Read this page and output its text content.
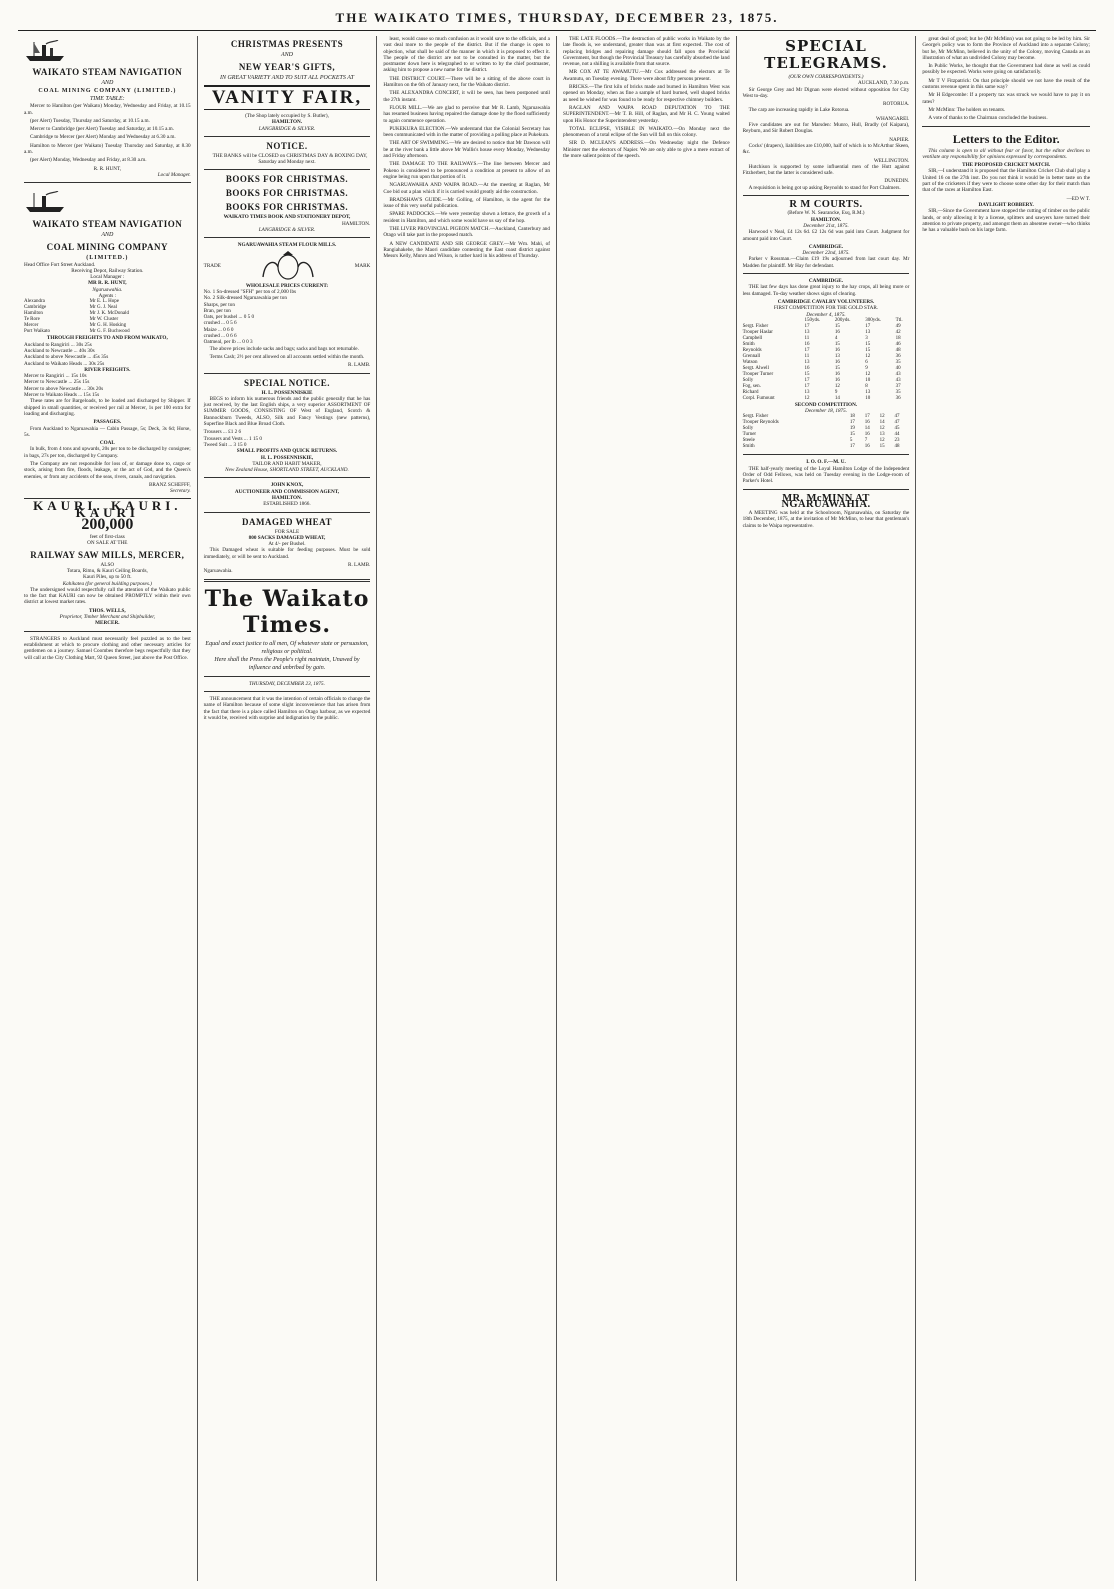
THE WAIKATO TIMES, THURSDAY, DECEMBER 23, 1875.
WAIKATO STEAM NAVIGATION
AND
COAL MINING COMPANY (LIMITED.)
TIME TABLE:

Mercer to Hamilton (per Waikato) Monday, Wednesday and Friday, at 10.15 a.m.

(per Alert) Tuesday, Thursday and Saturday, at 10.15 a.m.

Mercer to Cambridge (per Alert) Tuesday and Saturday, at 10.15 a.m.

Cambridge to Mercer (per Alert) Monday and Wednesday at 6.30 a.m.

Hamilton to Mercer (per Waikato) Tuesday Thursday and Saturday, at 8.30 a.m.

(per Alert) Monday, Wednesday and Friday, at 8.30 a.m.

R. R. HUNT,
Local Manager.
WAIKATO STEAM NAVIGATION
AND
COAL MINING COMPANY
(LIMITED.)
Head Office Fort Street Auckland.
Receiving Depot, Railway Station.
Local Manager :
MR R. R. HUNT,
Ngaruawahia.
Agents :
Alexandra	Mr E. L. Hope
Cambridge	Mr G. J. Neal
Hamilton	Mr J. K. McDonald
Te Rore	Mr W. Cluster
Mercer	Mr G. H. Hosking
Port Waikato	Mr G. F. Buchwood
THROUGH FREIGHTS TO AND FROM WAIKATO,
Auckland to Rangiriri ... 30s 25s
Auckland to Newcastle ... 40s 30s
Auckland to above Newcastle ... 45s 35s
Auckland to Waikato Heads ... 30s 25s
RIVER FREIGHTS.
Mercer to Rangiriri ... 15s 10s
Mercer to Newcastle ... 25s 15s
Mercer to above Newcastle ... 30s 20s
Mercer to Waikato Heads ... 15s 15s

These rates are for Bargeloads, to be loaded and discharged by Shipper. If shipped in small quantities, or received per rail at Mercer, 1s per 100 extra for loading and discharging.

PASSAGES.

From Auckland to Ngaruawahia — Cabin Passage, 5s; Deck, 3s 6d; Horse, 5s.

COAL

In bulk, from 4 tons and upwards, 20s per ton to be discharged by consignee; in bags, 27s per ton, discharged by Company.

The Company are not responsible for loss of, or damage done to, cargo or stock, arising from fire, floods, leakage, or the act of God, and the Queen's enemies, or from any accidents of the seas, rivers, canals, and navigation.

BRANZ SCHEFFF,
Secretary.
KAURI. KAURI. KAURI
200,000
feet of first-class
ON SALE AT THE
RAILWAY SAW MILLS, MERCER,
ALSO
Totara, Rimu, & Kauri Ceiling Boards,
Kauri Piles, up to 50 ft.
Kahikatea (for general building purposes.)

The undersigned would respectfully call the attention of the Waikato public to the fact that KAURI can now be obtained PROMPTLY within their own district at lowest market rates.

THOS. WELLS,
Proprietor, Timber Merchant and Shipbuilder,
MERCER.

STRANGERS to Auckland must necessarily feel puzzled as to the best establishment at which to procure clothing and other necessary articles for gentlemen on a journey. Samuel Coombes therefore begs respectfully that they will call at the City Clothing Mart, 92 Queen Street, just above the Post Office.

CHRISTMAS PRESENTS
AND
NEW YEAR'S GIFTS,
IN GREAT VARIETY AND TO SUIT ALL POCKETS AT
VANITY FAIR,
(The Shop lately occupied by S. Butler),
HAMILTON.
LANGBRIDGE & SILVER.
NOTICE.

THE BANKS will be CLOSED on CHRISTMAS DAY & BOXING DAY, Saturday and Monday next.

BOOKS FOR CHRISTMAS.
BOOKS FOR CHRISTMAS.
BOOKS FOR CHRISTMAS.
WAIKATO TIMES BOOK AND STATIONERY DEPOT,
HAMILTON.
LANGBRIDGE & SILVER.
NGARUAWAHIA STEAM FLOUR MILLS.
TRADE	MARK
WHOLESALE PRICES CURRENT:
No. 1 Sn-dressed "SFH" per ton of 2,000 lbs
No. 2 Silk-dressed Ngaruawahia per ton
Sharps, per ton
Bran, per ton
Oats, per bushel ... 0 5 0
crushed ... 0 5 6
Maize ... 0 6 0
crushed ... 0 6 6
Oatmeal, per lb ... 0 0 3

The above prices include sacks and bags; sacks and bags not returnable.

Terms Cash; 2½ per cent allowed on all accounts settled within the month.

R. LAMB.
SPECIAL NOTICE.
H. L. POSSENNISKIE

BEGS to inform his numerous friends and the public generally that he has just received, by the last English ships, a very superior ASSORTMENT OF SUMMER GOODS, CONSISTING OF West of England, Scotch & Bannockburn Tweeds, ALSO, Silk and Fancy Vestings (new patterns), Superfine Black and Blue Broad Cloth.

Trousers ... £1 2 6
Trousers and Vests ... 1 15 0
Tweed Suit ... 3 15 0
SMALL PROFITS AND QUICK RETURNS.
H. L. POSSENNISKIE,
TAILOR AND HABIT MAKER,
New Zealand House, SHORTLAND STREET, AUCKLAND.
JOHN KNOX,
AUCTIONEER AND COMMISSION AGENT,
HAMILTON.
ESTABLISHED 1866.
DAMAGED WHEAT
FOR SALE
800 SACKS DAMAGED WHEAT,
At 4/- per Bushel.

This Damaged wheat is suitable for feeding purposes. Must be sold immediately, or will be sent to Auckland.

R. LAMB.
Ngaruawahia.
The Waikato Times.
Equal and exact justice to all men, Of whatever state or persuasion, religious or political.
Here shall the Press the People's right maintain, Unawed by influence and unbribed by gain.
THURSDAY, DECEMBER 23, 1875.

THE announcement that it was the intention of certain officials to change the name of Hamilton because of some slight inconvenience that has arisen from the fact that there is a place called Hamilton on Otago harbour, as we expected it would be, received with surprise and indignation by the public.

least, would cause so much confusion as it would save to the officials, and a vast deal more to the people of the district. But if the change is open to objection, what shall be said of the manner in which it is proposed to effect it. The people of the district are not to be consulted in the matter, but the postmaster down here is telegraphed to or written to by the chief postmaster, asking him to propose a new name for the district.

THE DISTRICT COURT.—There will be a sitting of the above court in Hamilton on the 6th of January next, for the Waikato district.

THE ALEXANDRA CONCERT, it will be seen, has been postponed until the 27th instant.

FLOUR MILL.—We are glad to perceive that Mr R. Lamb, Ngaruawahia has resumed business having repaired the damage done by the flood sufficiently to again commence operation.

PUKEKURA ELECTION.—We understand that the Colonial Secretary has been communicated with in the matter of providing a polling place at Pukekura.

THE ART OF SWIMMING.—We are desired to notice that Mr Dawson will be at the river bank a little above Mr Wallis's house every Monday, Wednesday and Friday afternoon.

THE DAMAGE TO THE RAILWAYS.—The line between Mercer and Pokeno is considered to be pronounced a condition at present to allow of an engine being run upon that portion of it.

NGARUAWAHIA AND WAIPA ROAD.—At the meeting at Raglan, Mr Coe bid out a plan which if it is carried would greatly aid the construction.

BRADSHAW'S GUIDE.—Mr Golling, of Hamilton, is the agent for the issue of this very useful publication.

SPARE PADDOCKS.—We were yesterday shown a lettuce, the growth of a resident in Hamilton, and which some would have us say of the hop.

THE LIVER PROVINCIAL PIGEON MATCH.—Auckland, Canterbury and Otago will take part in the proposed match.

A NEW CANDIDATE AND SIR GEORGE GREY.—Mr Wm. Mahi, of Rangiahakehe, the Maori candidate contesting the East coast district against Messrs Kelly, Munro and Wilson, is rather hard in his address of Thursday.

THE LATE FLOODS.—The destruction of public works in Waikato by the late floods is, we understand, greater than was at first expected. The cost of replacing bridges and repairing damage should fall upon the Provincial Government, but though the Provincial Treasury has carefully absorbed the land revenue, not a shilling is available from that source.

MR COX AT TE AWAMUTU.—Mr Cox addressed the electors at Te Awamutu, on Tuesday evening. There were about fifty persons present.

BRICKS.—The first kiln of bricks made and burned in Hamilton West was opened on Monday, when as fine a sample of hard burned, well shaped bricks as need be wished for was found to be ready for respective chimney builders.

RAGLAN AND WAIPA ROAD DEPUTATION TO THE SUPERINTENDENT.—Mr T. B. Hill, of Raglan, and Mr H. C. Young waited upon His Honor the Superintendent yesterday.

TOTAL ECLIPSE, VISIBLE IN WAIKATO.—On Monday next the phenomenon of a total eclipse of the Sun will fall on this colony.

SIR D. MCLEAN'S ADDRESS.—On Wednesday night the Defence Minister met the electors of Napier. We are only able to give a mere extract of the more salient points of the speech.

SPECIAL TELEGRAMS.
(OUR OWN CORRESPONDENTS.)
AUCKLAND, 7.30 p.m.

Sir George Grey and Mr Dignan were elected without opposition for City West to-day.

ROTORUA.

The carp are increasing rapidly in Lake Rotorua.

WHANGAREI.

Five candidates are out for Marsden: Munro, Hull, Bradly (of Kaipara), Reyburn, and Sir Robert Douglas.

NAPIER.

Cocks' (drapers), liabilities are £10,000, half of which is to McArthur Skeen, &c.

WELLINGTON.

Hutchison is supported by some influential men of the Hutt against Fitzherbert, but the latter is considered safe.

DUNEDIN.

A requisition is being got up asking Reynolds to stand for Port Chalmers.

R M COURTS.
(Before W. N. Searancke, Esq, R.M.)
HAMILTON.
December 21st, 1875.

Harwood v Neal, £4 12s 6d. £2 12s 6d was paid into Court. Judgment for amount paid into Court.

CAMBRIDGE.
December 22nd, 1875.

Parker v Rossman.—Claim £19 19s adjourned from last court day. Mr Madden for plaintiff. Mr Hay for defendant.

CAMBRIDGE.

THE last few days has done great injury to the hay crops, all being more or less damaged. To-day weather shows signs of clearing.

CAMBRIDGE CAVALRY VOLUNTEERS.
FIRST COMPETITION FOR THE GOLD STAR.
December 4, 1875.
	150yds.	200yds.	300yds.	Ttl.
Sergt. Fisher	17	15	17	49
Trooper Haslar	13	16	13	42
Campbell	11	4	3	18
Smith	16	15	15	46
Reynolds	17	16	15	48
Grennall	11	13	12	36
Watson	13	16	6	35
Sergt. Alwell	16	15	9	40
Trooper Turner	15	16	12	43
Solly	17	16	10	43
Fog, sen.	17	12	8	37
Richard	13	9	13	35
Corpl. Fumount	12	14	10	36
SECOND COMPETITION.
December 18, 1875.
Sergt. Fisher	18	17	12	47
Trooper Reynolds	17	16	14	47
Solly	19	14	12	45
Turner	15	16	13	44
Steele	5	7	12	23
Smith	17	16	15	48
I. O. O. F.—M. U.

THE half-yearly meeting of the Loyal Hamilton Lodge of the Independent Order of Odd Fellows, was held on Tuesday evening in the Lodge-room of Parker's Hotel.

MR. McMINN AT NGARUAWAHIA.

A MEETING was held at the Schoolroom, Ngaruawahia, on Saturday the 18th December, 1875, at the invitation of Mr McMinn, to hear that gentleman's claims to be Waipa representative.

great deal of good; but he (Mr McMinn) was not going to be led by him. Sir George's policy was to form the Province of Auckland into a separate Colony; but he, Mr McMinn, believed in the unity of the Colony, moving Canada as an illustration of what an undivided Colony may become.

In Public Works, he thought that the Government had done as well as could possibly be expected. Works were going on satisfactorily.

Mr T V Fitzpatrick: On that principle should we not have the result of the customs revenue spent in this same way?

Mr H Edgecombe: If a property tax was struck we would have to pay it on rates?

Mr McMinn: The holders on tenants.

A vote of thanks to the Chairman concluded the business.

Letters to the Editor.

This column is open to all without fear or favor, but the editor declines to ventilate any responsibility for opinions expressed by correspondents.

THE PROPOSED CRICKET MATCH.

SIR,—I understand it is proposed that the Hamilton Cricket Club shall play a United 16 on the 27th inst. Do you not think it would be in better taste on the part of the cricketers if they were to choose some other day for their match than that of the races at Hamilton East.

—ED W T.
DAYLIGHT ROBBERY.

SIR,—Since the Government have stopped the cutting of timber on the public lands, or only allowing it by a license, splitters and sawyers have turned their attention to private property, and amongst them an absentee owner—who thinks he has a valuable bush on his large farm.
